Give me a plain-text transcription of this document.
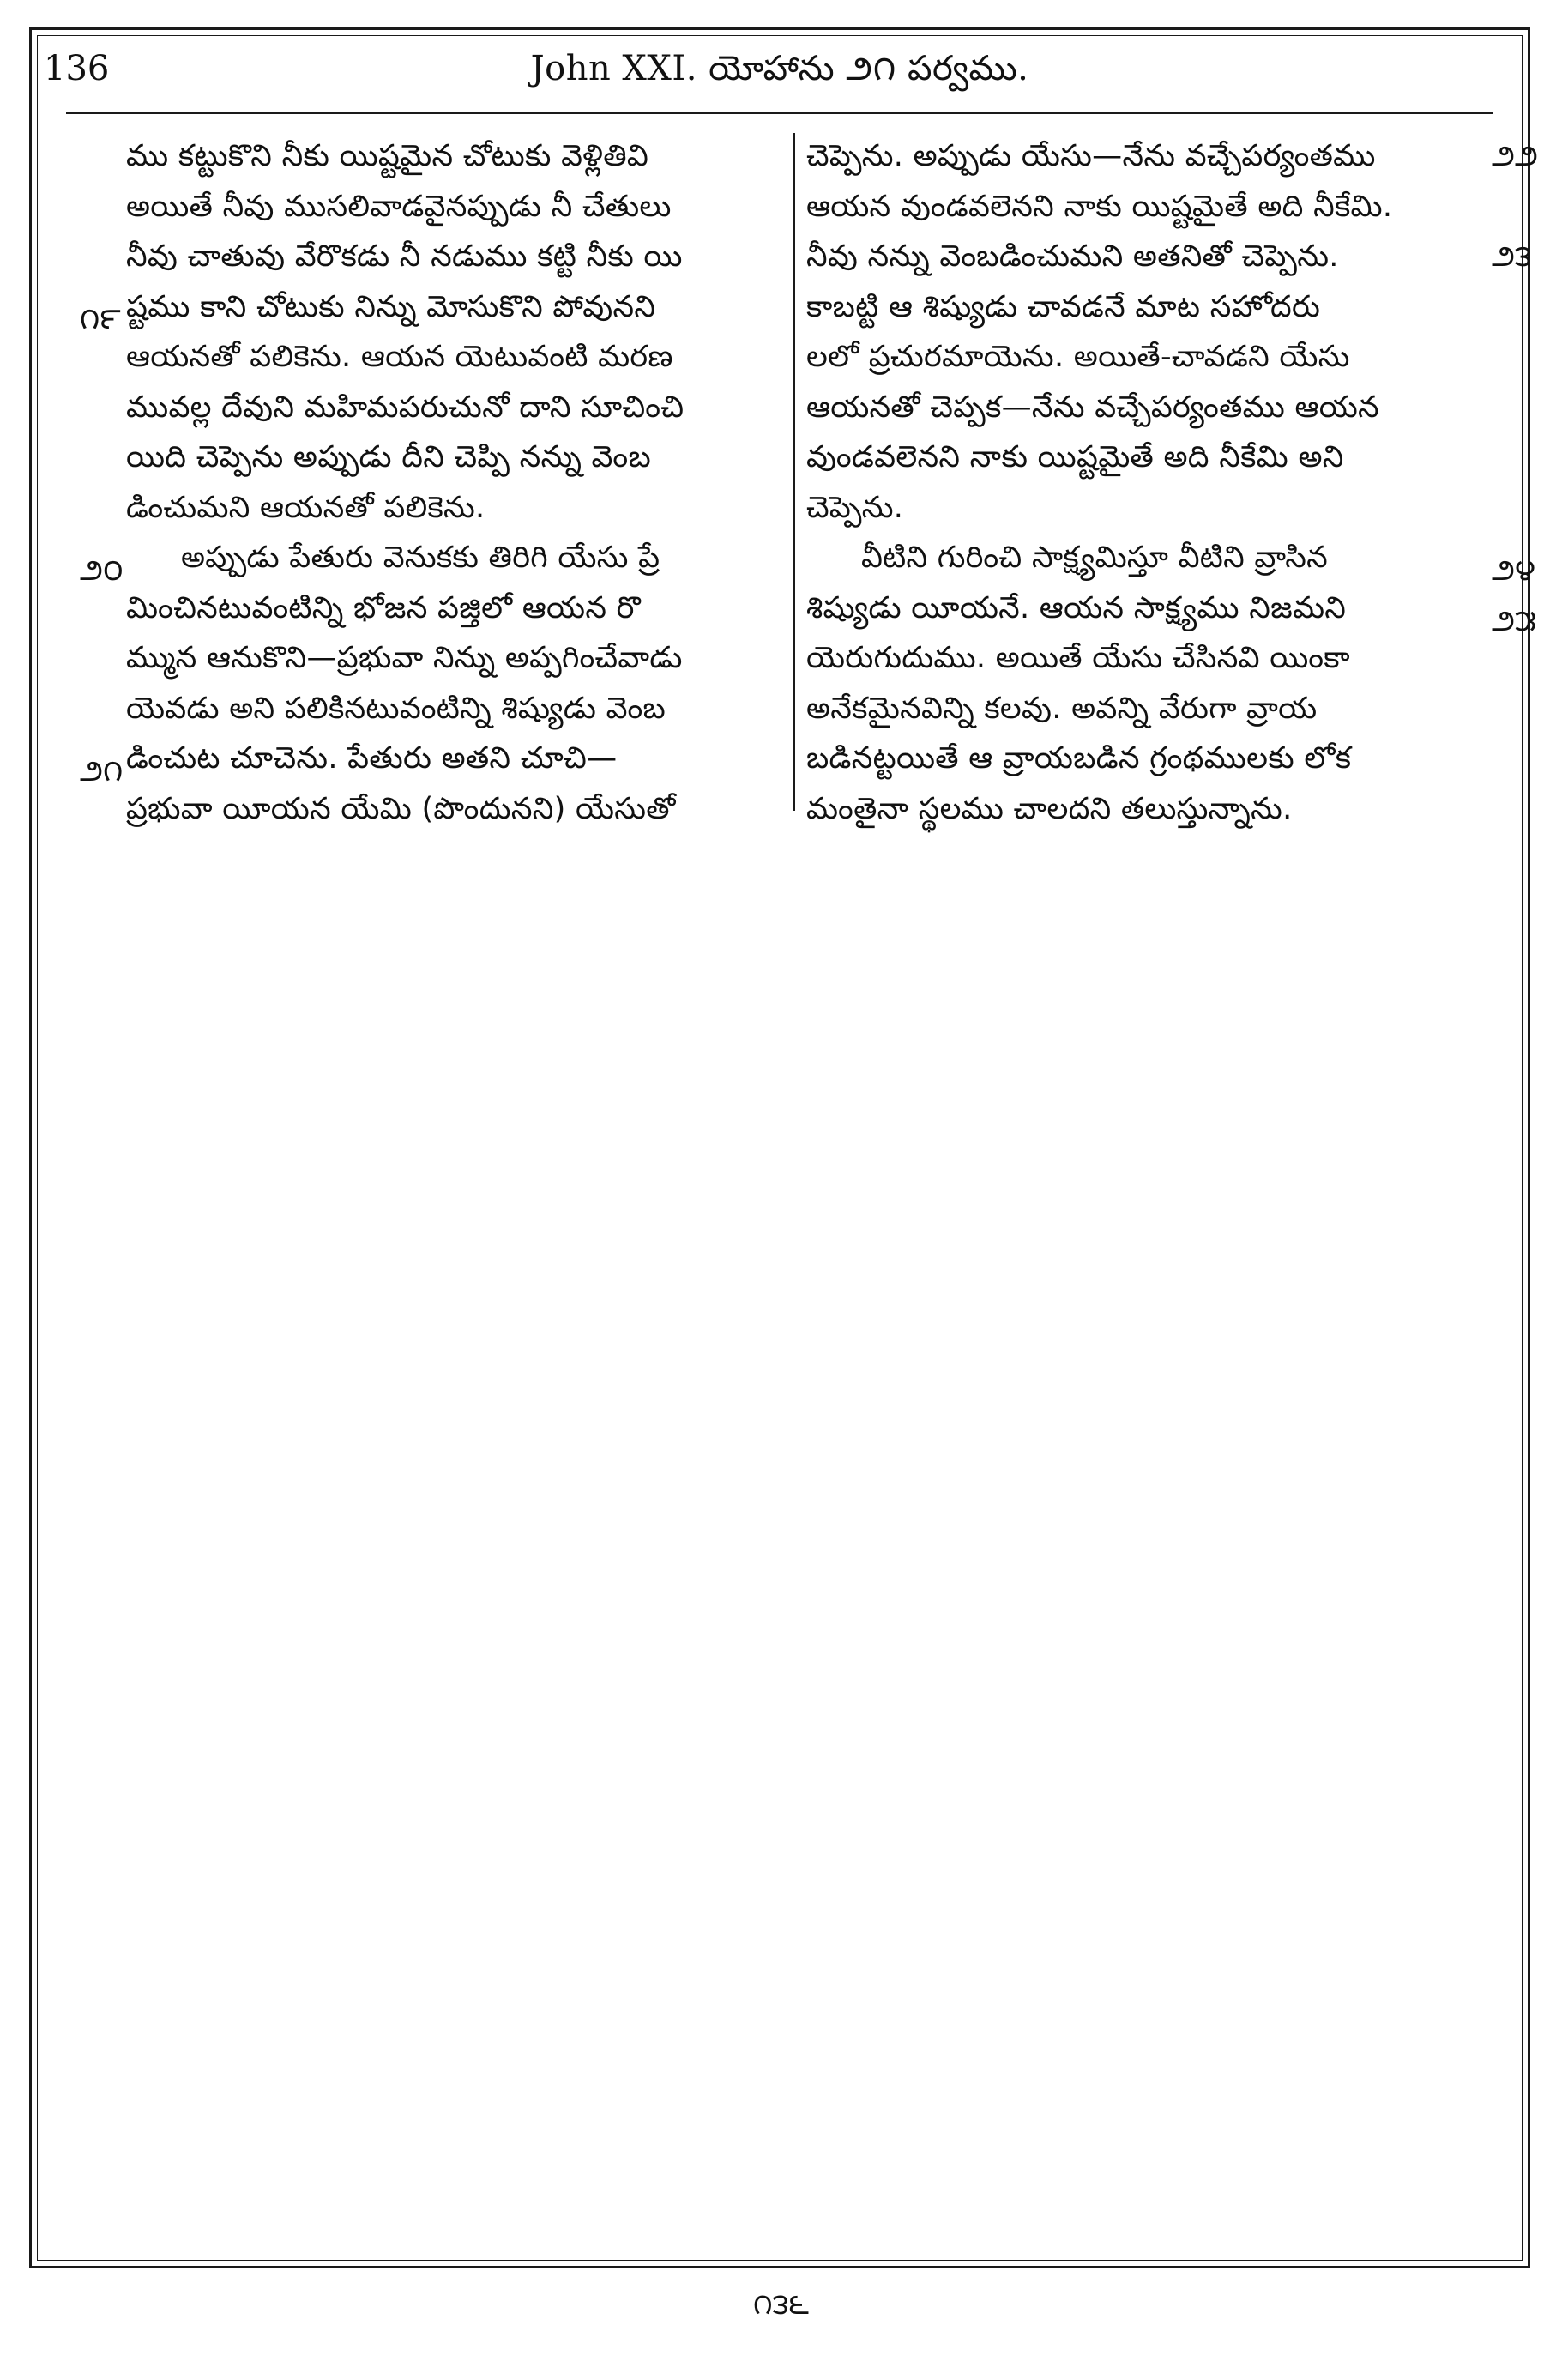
136	John XXI. యోహాను ౨౧ పర్వము.
౧౯
౨౦
౨౧
౨౨
౨౩
౨౪
౨౫
ము కట్టుకొని నీకు యిష్టమైన చోటుకు వెళ్లితివి
అయితే నీవు ముసలివాడవైనప్పుడు నీ చేతులు
నీవు చాతువు వేరొకడు నీ నడుము కట్టి నీకు యి
ష్టము కాని చోటుకు నిన్ను మోసుకొని పోవునని
ఆయనతో పలికెను. ఆయన యెటువంటి మరణ
మువల్ల దేవుని మహిమపరుచునో దాని సూచించి
యిది చెప్పెను అప్పుడు దీని చెప్పి నన్ను వెంబ
డించుమని ఆయనతో పలికెను.
అప్పుడు పేతురు వెనుకకు తిరిగి యేసు ప్రే
మించినటువంటిన్ని భోజన పజ్తిలో ఆయన రొ
మ్మున ఆనుకొని—ప్రభువా నిన్ను అప్పగించేవాడు
యెవడు అని పలికినటువంటిన్ని శిష్యుడు వెంబ
డించుట చూచెను. పేతురు అతని చూచి—
ప్రభువా యీయన యేమి (పొందునని) యేసుతో
చెప్పెను. అప్పుడు యేసు—నేను వచ్చేపర్యంతము
ఆయన వుండవలెనని నాకు యిష్టమైతే అది నీకేమి.
నీవు నన్ను వెంబడించుమని అతనితో చెప్పెను.
కాబట్టి ఆ శిష్యుడు చావడనే మాట సహోదరు
లలో ప్రచురమాయెను. అయితే-చావడని యేసు
ఆయనతో చెప్పక—నేను వచ్చేపర్యంతము ఆయన
వుండవలెనని నాకు యిష్టమైతే అది నీకేమి అని
చెప్పెను.
వీటిని గురించి సాక్ష్యమిస్తూ వీటిని వ్రాసిన
శిష్యుడు యీయనే. ఆయన సాక్ష్యము నిజమని
యెరుగుదుము. అయితే యేసు చేసినవి యింకా
అనేకమైనవిన్ని కలవు. అవన్ని వేరుగా వ్రాయ
బడినట్టయితే ఆ వ్రాయబడిన గ్రంథములకు లోక
మంతైనా స్థలము చాలదని తలుస్తున్నాను.
౧౩౬
